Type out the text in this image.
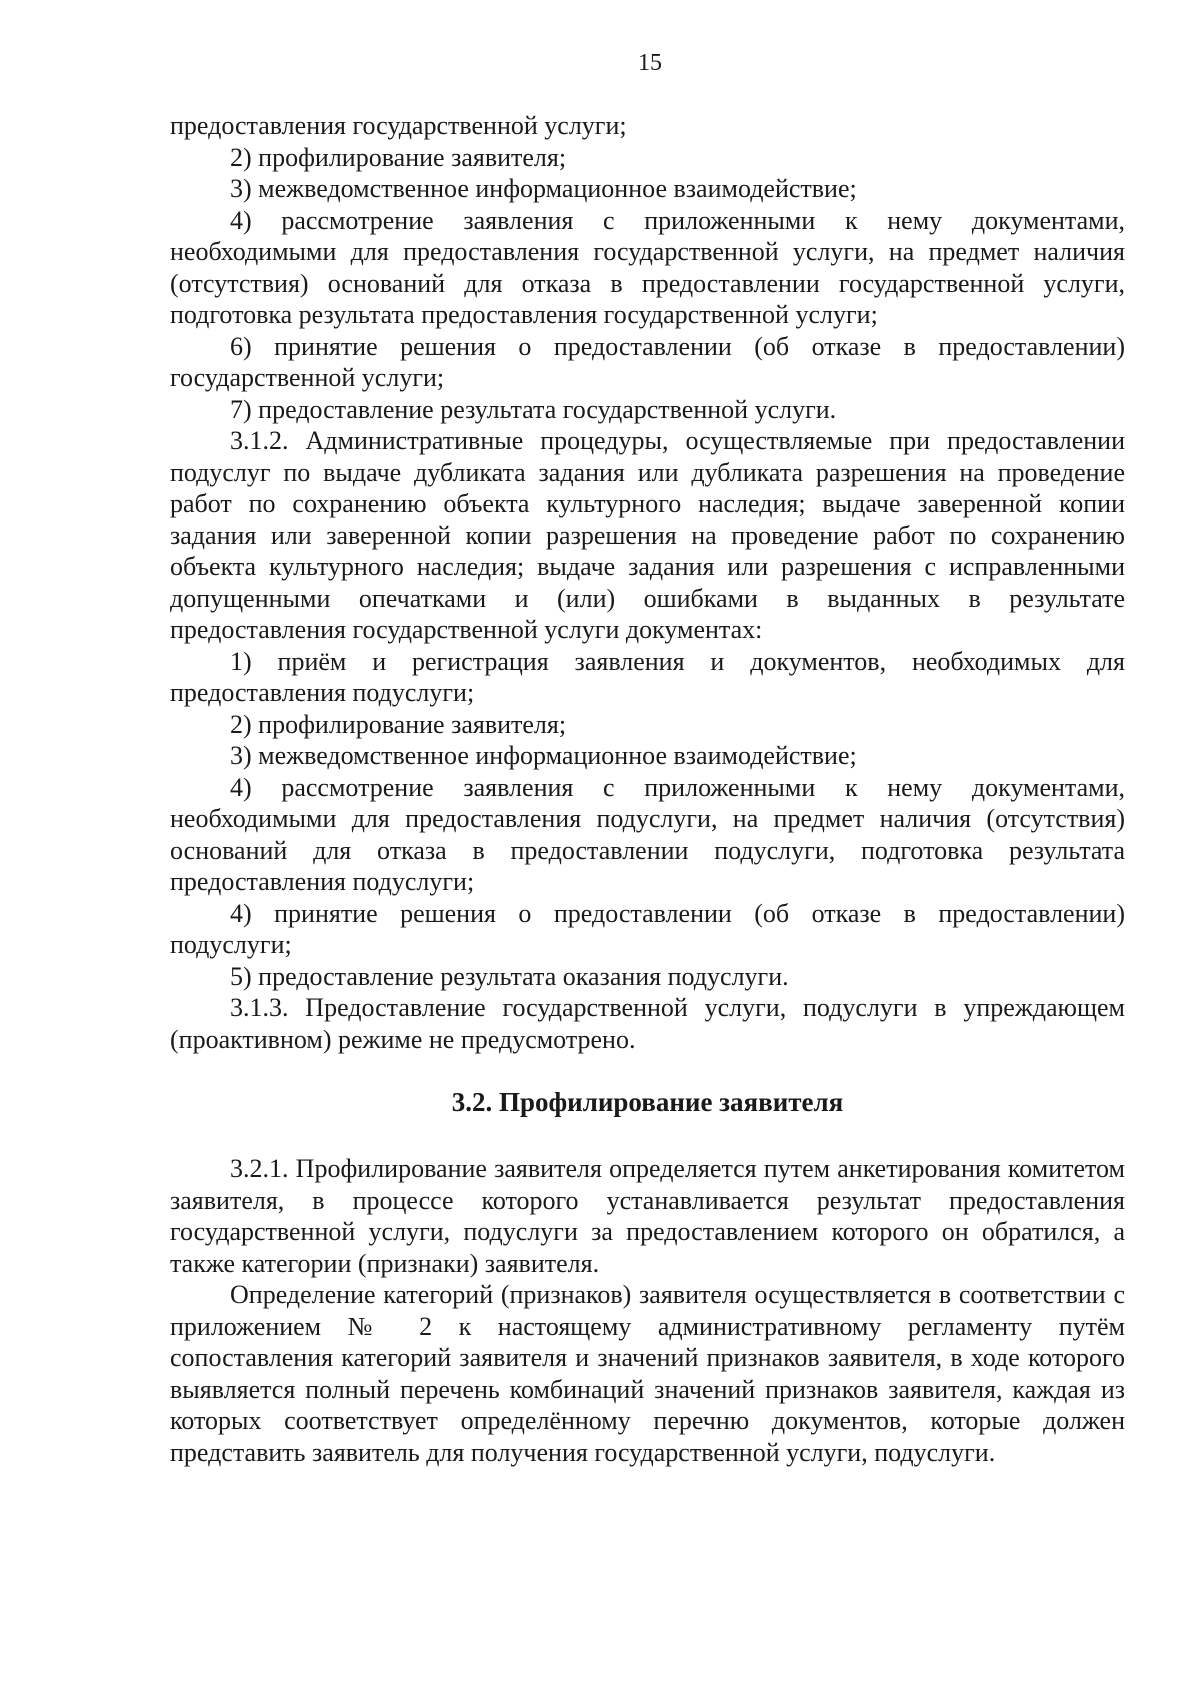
15

предоставления государственной услуги;

2) профилирование заявителя;

3) межведомственное информационное взаимодействие;

4) рассмотрение заявления с приложенными к нему документами, необходимыми для предоставления государственной услуги, на предмет наличия (отсутствия) оснований для отказа в предоставлении государственной услуги, подготовка результата предоставления государственной услуги;

6) принятие решения о предоставлении (об отказе в предоставлении) государственной услуги;

7) предоставление результата государственной услуги.

3.1.2. Административные процедуры, осуществляемые при предоставлении подуслуг по выдаче дубликата задания или дубликата разрешения на проведение работ по сохранению объекта культурного наследия; выдаче заверенной копии задания или заверенной копии разрешения на проведение работ по сохранению объекта культурного наследия; выдаче задания или разрешения с исправленными допущенными опечатками и (или) ошибками в выданных в результате предоставления государственной услуги документах:

1) приём и регистрация заявления и документов, необходимых для предоставления подуслуги;

2) профилирование заявителя;

3) межведомственное информационное взаимодействие;

4) рассмотрение заявления с приложенными к нему документами, необходимыми для предоставления подуслуги, на предмет наличия (отсутствия) оснований для отказа в предоставлении подуслуги, подготовка результата предоставления подуслуги;

4) принятие решения о предоставлении (об отказе в предоставлении) подуслуги;

5) предоставление результата оказания подуслуги.

3.1.3. Предоставление государственной услуги, подуслуги в упреждающем (проактивном) режиме не предусмотрено.

3.2. Профилирование заявителя

3.2.1. Профилирование заявителя определяется путем анкетирования комитетом заявителя, в процессе которого устанавливается результат предоставления государственной услуги, подуслуги за предоставлением которого он обратился, а также категории (признаки) заявителя.

Определение категорий (признаков) заявителя осуществляется в соответствии с приложением № 2 к настоящему административному регламенту путём сопоставления категорий заявителя и значений признаков заявителя, в ходе которого выявляется полный перечень комбинаций значений признаков заявителя, каждая из которых соответствует определённому перечню документов, которые должен представить заявитель для получения государственной услуги, подуслуги.
